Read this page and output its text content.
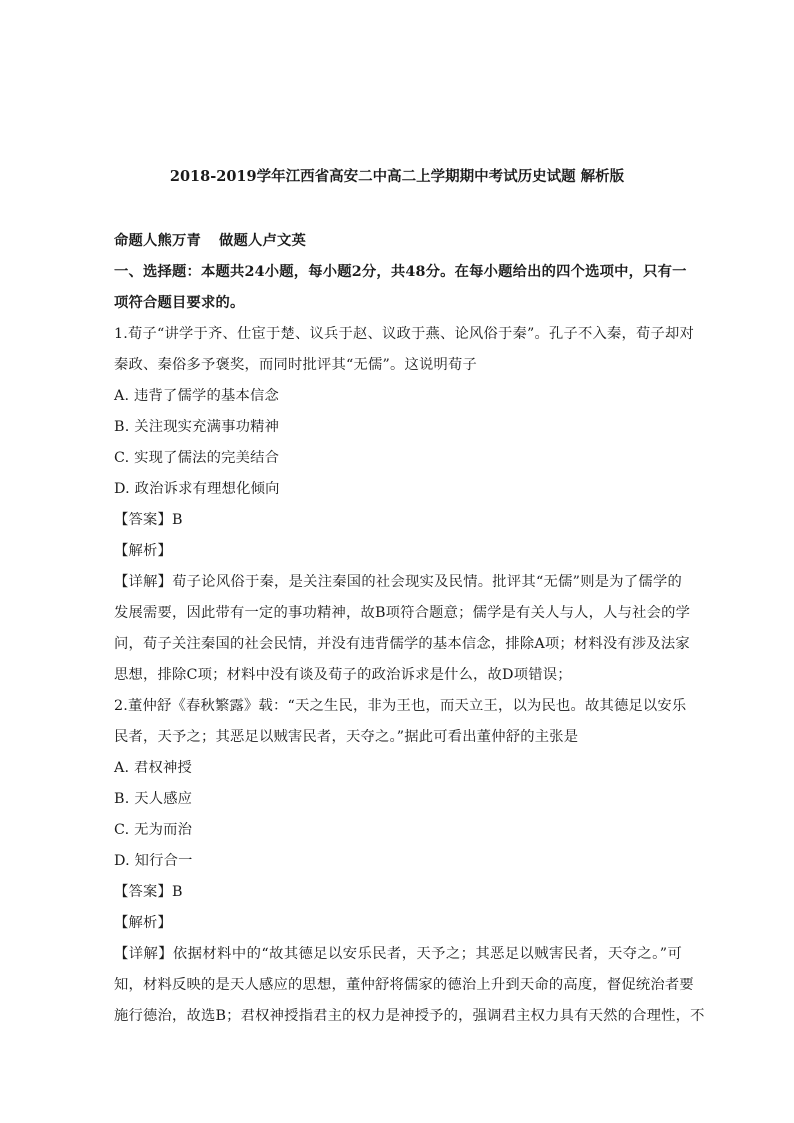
2018-2019学年江西省高安二中高二上学期期中考试历史试题 解析版
命题人熊万青 做题人卢文英
一、选择题：本题共24小题，每小题2分，共48分。在每小题给出的四个选项中，只有一
项符合题目要求的。
1.荀子“讲学于齐、仕宦于楚、议兵于赵、议政于燕、论风俗于秦”。孔子不入秦，荀子却对
秦政、秦俗多予褒奖，而同时批评其“无儒”。这说明荀子
A. 违背了儒学的基本信念
B. 关注现实充满事功精神
C. 实现了儒法的完美结合
D. 政治诉求有理想化倾向
【答案】B
【解析】
【详解】荀子论风俗于秦，是关注秦国的社会现实及民情。批评其“无儒”则是为了儒学的
发展需要，因此带有一定的事功精神，故B项符合题意；儒学是有关人与人，人与社会的学
问，荀子关注秦国的社会民情，并没有违背儒学的基本信念，排除A项；材料没有涉及法家
思想，排除C项；材料中没有谈及荀子的政治诉求是什么，故D项错误；
2.董仲舒《春秋繁露》载：“天之生民，非为王也，而天立王，以为民也。故其德足以安乐
民者，天予之；其恶足以贼害民者，天夺之。”据此可看出董仲舒的主张是
A. 君权神授
B. 天人感应
C. 无为而治
D. 知行合一
【答案】B
【解析】
【详解】依据材料中的“故其德足以安乐民者，天予之；其恶足以贼害民者，天夺之。”可
知，材料反映的是天人感应的思想，董仲舒将儒家的德治上升到天命的高度，督促统治者要
施行德治，故选B；君权神授指君主的权力是神授予的，强调君主权力具有天然的合理性，不
